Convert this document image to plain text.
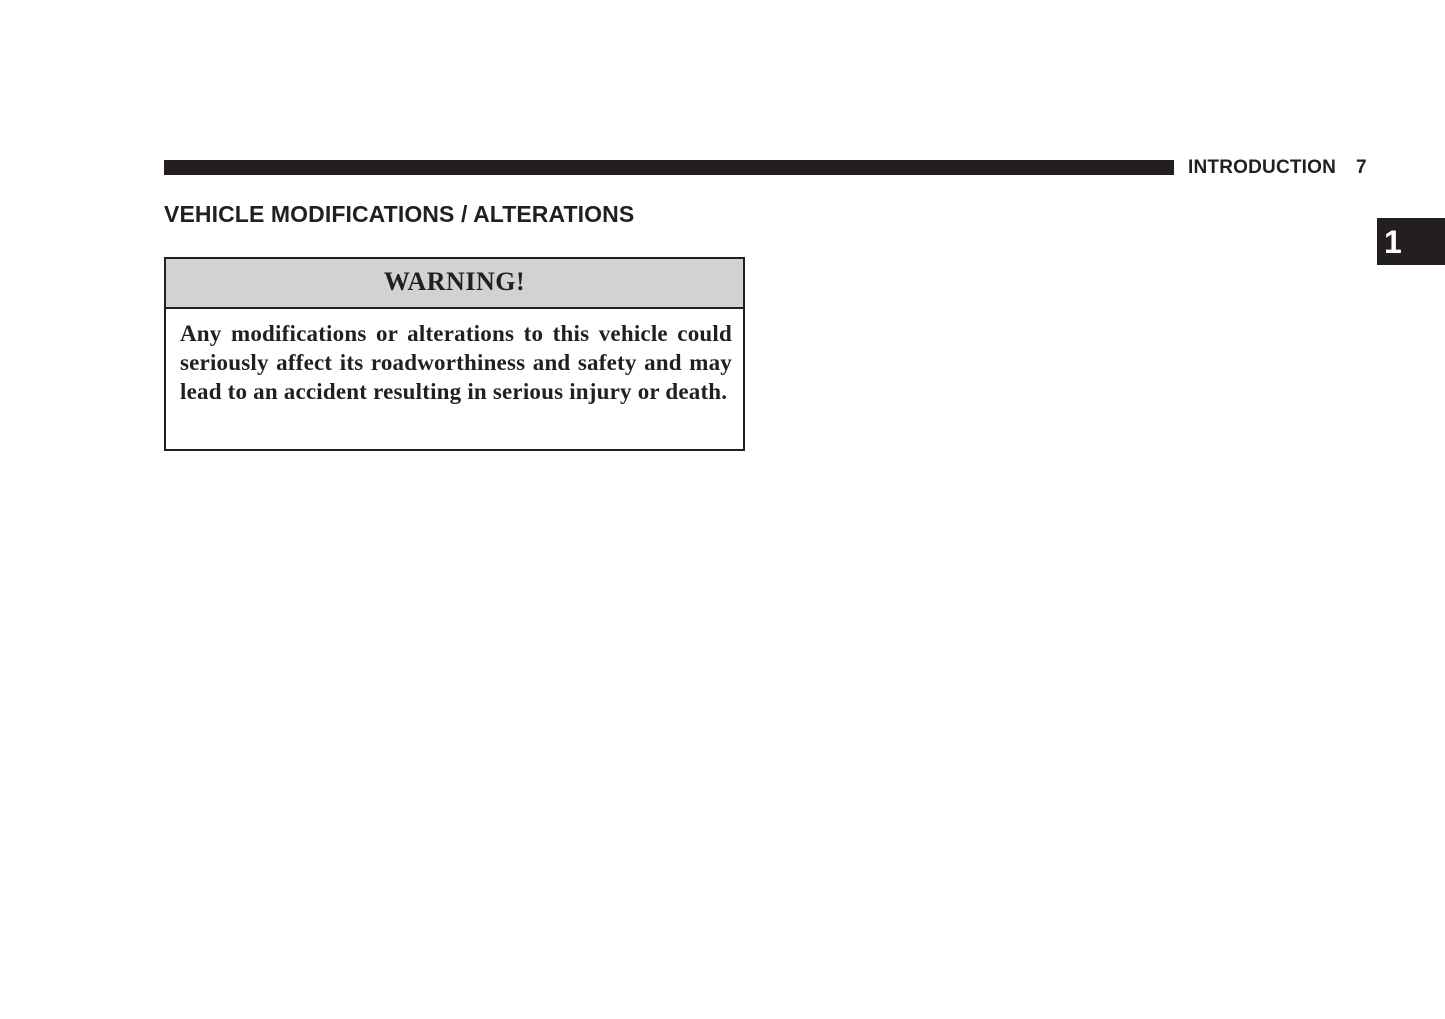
INTRODUCTION 7
1
VEHICLE MODIFICATIONS / ALTERATIONS
WARNING!
Any modifications or alterations to this vehicle could seriously affect its roadworthiness and safety and may lead to an accident resulting in serious injury or death.
